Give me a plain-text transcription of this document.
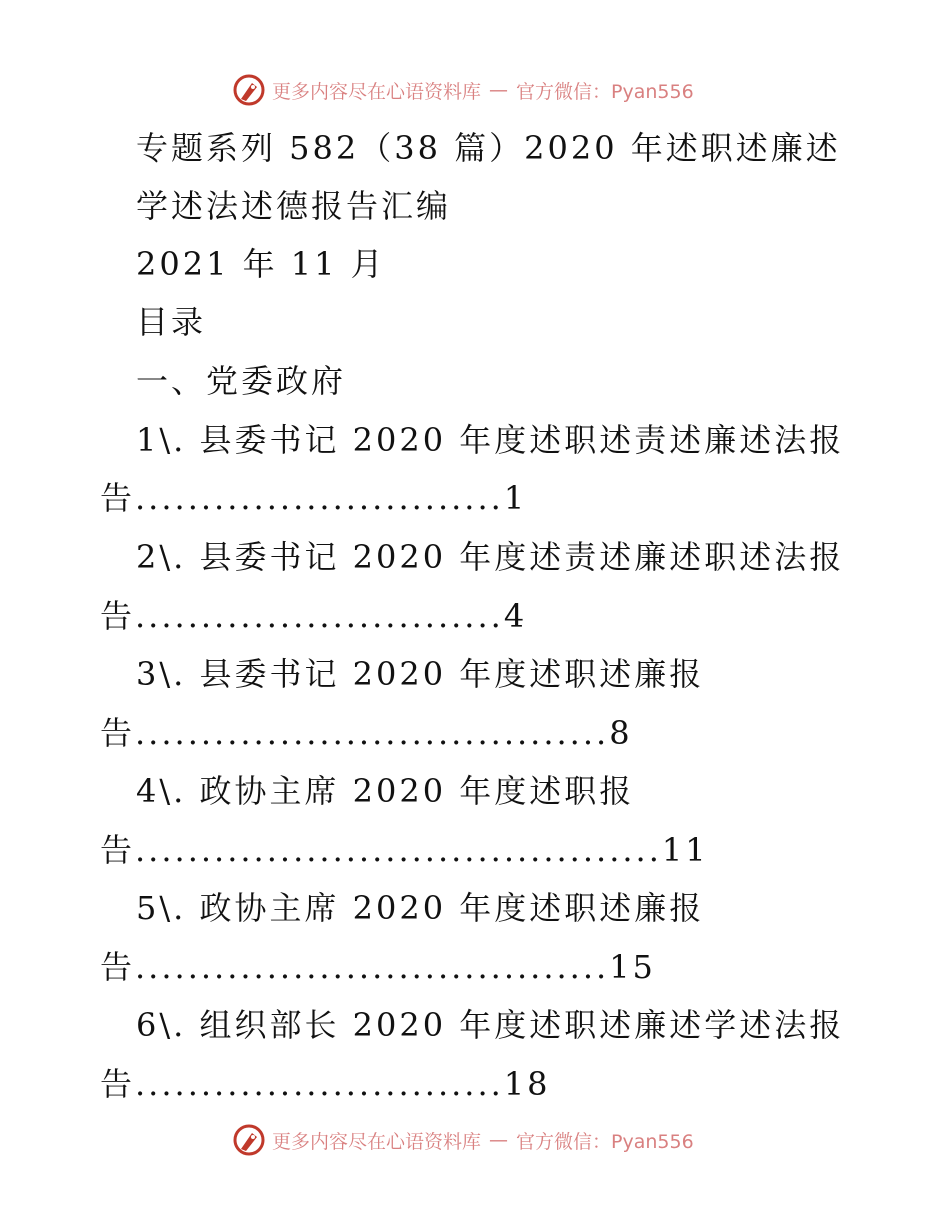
更多内容尽在心语资料库 — 官方微信：Pyan556
专题系列 582（38 篇）2020 年述职述廉述
学述法述德报告汇编
2021 年 11 月
目录
一、党委政府
1\. 县委书记 2020 年度述职述责述廉述法报
告............................1
2\. 县委书记 2020 年度述责述廉述职述法报
告............................4
3\. 县委书记 2020 年度述职述廉报
告....................................8
4\. 政协主席 2020 年度述职报
告........................................11
5\. 政协主席 2020 年度述职述廉报
告....................................15
6\. 组织部长 2020 年度述职述廉述学述法报
告............................18
更多内容尽在心语资料库 — 官方微信：Pyan556
